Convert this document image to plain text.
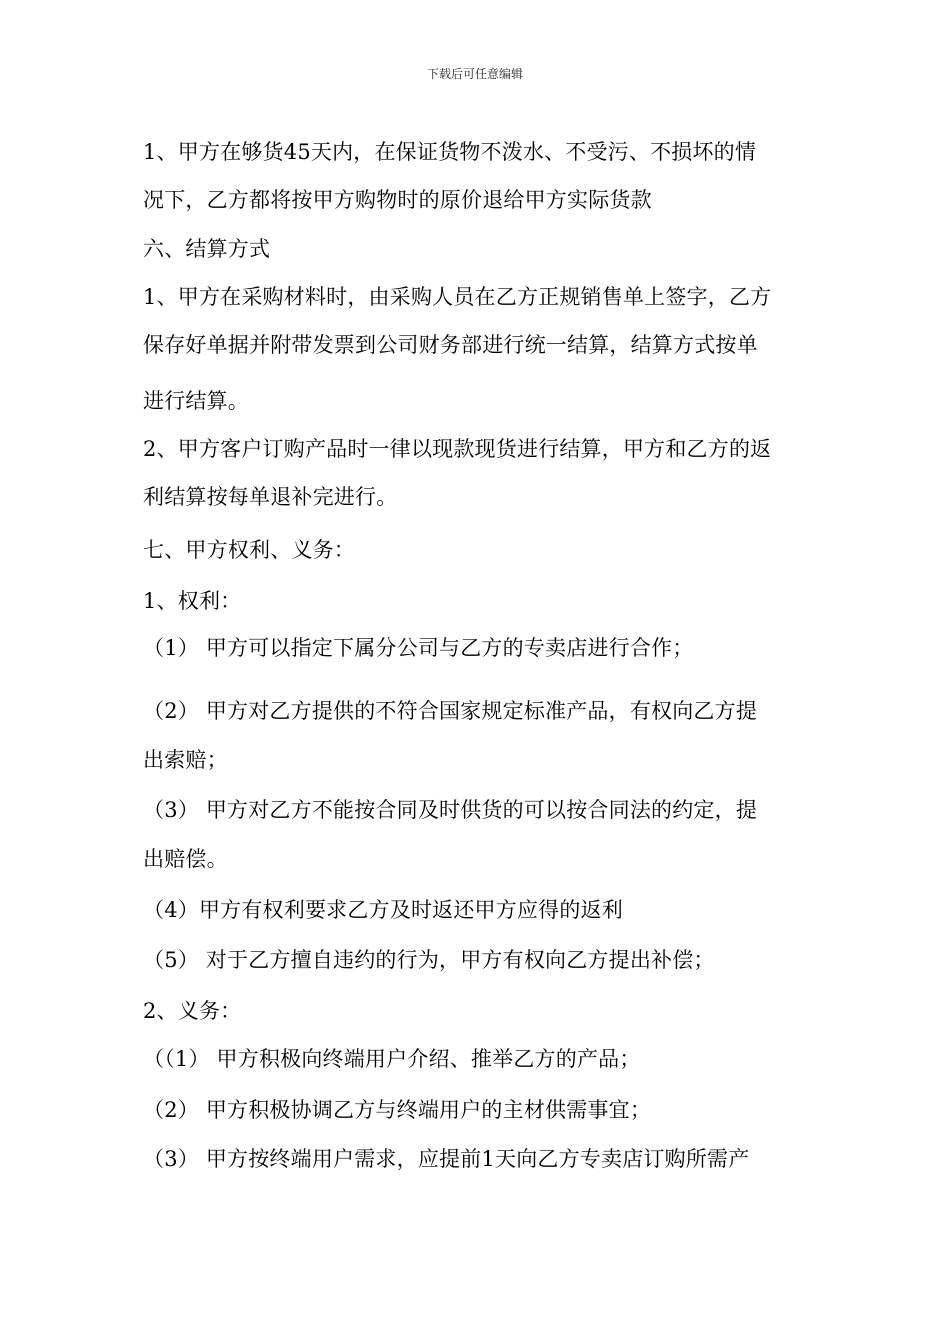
下载后可任意编辑
1、甲方在够货45天内，在保证货物不泼水、不受污、不损坏的情
况下，乙方都将按甲方购物时的原价退给甲方实际货款
六、结算方式
1、甲方在采购材料时，由采购人员在乙方正规销售单上签字，乙方
保存好单据并附带发票到公司财务部进行统一结算，结算方式按单
进行结算。
2、甲方客户订购产品时一律以现款现货进行结算，甲方和乙方的返
利结算按每单退补完进行。
七、甲方权利、义务：
1、权利：
（1） 甲方可以指定下属分公司与乙方的专卖店进行合作；
（2） 甲方对乙方提供的不符合国家规定标准产品，有权向乙方提
出索赔；
（3） 甲方对乙方不能按合同及时供货的可以按合同法的约定，提
出赔偿。
（4）甲方有权利要求乙方及时返还甲方应得的返利
（5） 对于乙方擅自违约的行为，甲方有权向乙方提出补偿；
2、义务：
（（1） 甲方积极向终端用户介绍、推举乙方的产品；
（2） 甲方积极协调乙方与终端用户的主材供需事宜；
（3） 甲方按终端用户需求，应提前1天向乙方专卖店订购所需产
